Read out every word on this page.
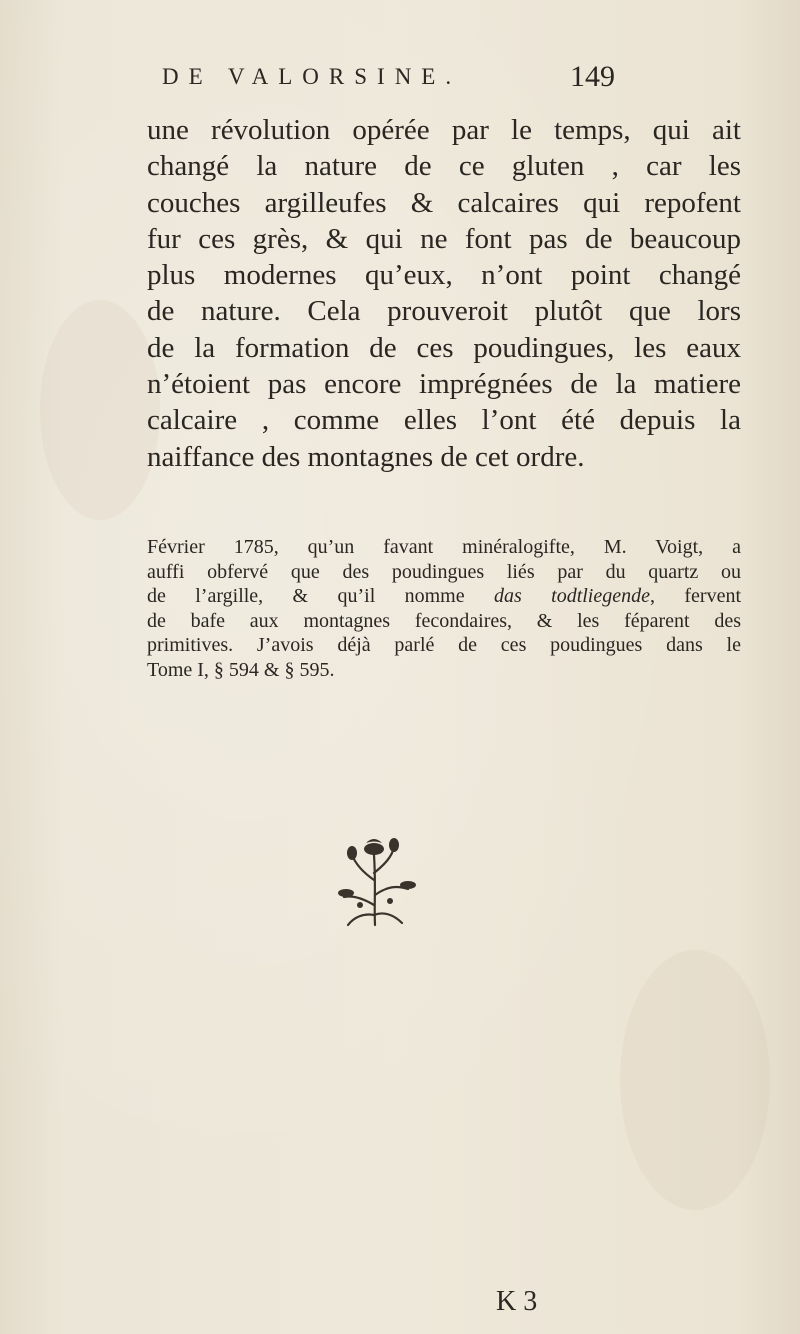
DE VALORSINE.	149
une révolution opérée par le temps, qui ait
changé la nature de ce gluten , car les
couches argilleufes & calcaires qui repofent
fur ces grès, & qui ne font pas de beaucoup
plus modernes qu’eux, n’ont point changé
de nature. Cela prouveroit plutôt que lors
de la formation de ces poudingues, les eaux
n’étoient pas encore imprégnées de la matiere
calcaire , comme elles l’ont été depuis la
naiffance des montagnes de cet ordre.
Février 1785, qu’un favant minéralogifte, M. Voigt, a
auffi obfervé que des poudingues liés par du quartz ou
de l’argille, & qu’il nomme das todtliegende, fervent
de bafe aux montagnes fecondaires, & les féparent des
primitives. J’avois déjà parlé de ces poudingues dans le
Tome I, § 594 & § 595.
K 3
